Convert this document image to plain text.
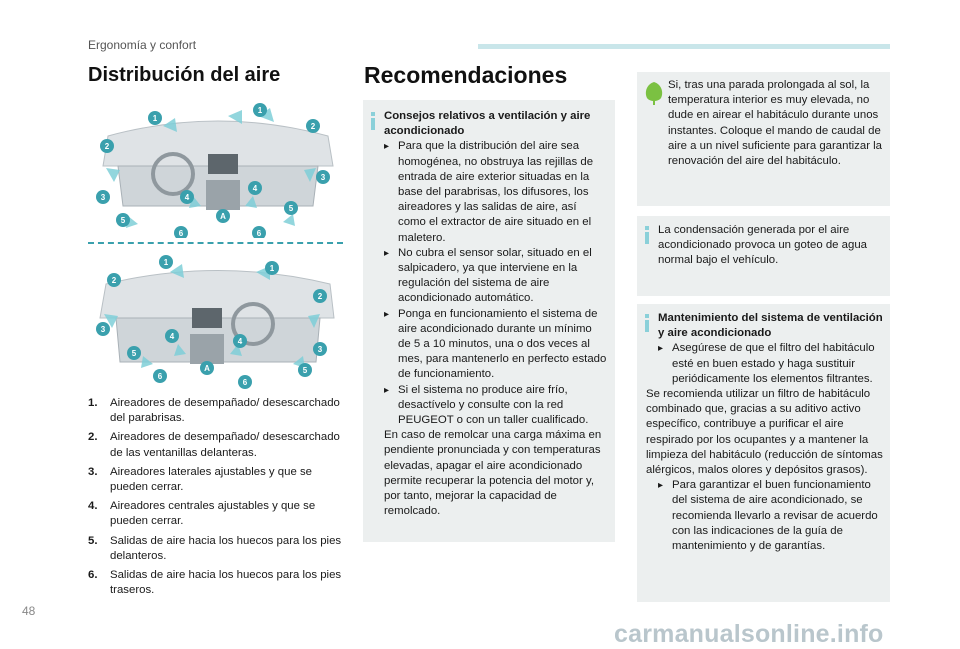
Ergonomía y confort
Distribución del aire
1
1
2
2
3
3
4
4
5
5
6	6
A
1
1
2
2
3
3
4
4
5
5
6
6
A
1.	Aireadores de desempañado/ desescarchado del parabrisas.
2.	Aireadores de desempañado/ desescarchado de las ventanillas delanteras.
3.	Aireadores laterales ajustables y que se pueden cerrar.
4.	Aireadores centrales ajustables y que se pueden cerrar.
5.	Salidas de aire hacia los huecos para los pies delanteros.
6.	Salidas de aire hacia los huecos para los pies traseros.
Recomendaciones
Consejos relativos a ventilación y aire acondicionado
▸ Para que la distribución del aire sea homogénea, no obstruya las rejillas de entrada de aire exterior situadas en la base del parabrisas, los difusores, los aireadores y las salidas de aire, así como el extractor de aire situado en el maletero.
▸ No cubra el sensor solar, situado en el salpicadero, ya que interviene en la regulación del sistema de aire acondicionado automático.
▸ Ponga en funcionamiento el sistema de aire acondicionado durante un mínimo de 5 a 10 minutos, una o dos veces al mes, para mantenerlo en perfecto estado de funcionamiento.
▸ Si el sistema no produce aire frío, desactívelo y consulte con la red PEUGEOT o con un taller cualificado.
En caso de remolcar una carga máxima en pendiente pronunciada y con temperaturas elevadas, apagar el aire acondicionado permite recuperar la potencia del motor y, por tanto, mejorar la capacidad de remolcado.
Si, tras una parada prolongada al sol, la temperatura interior es muy elevada, no dude en airear el habitáculo durante unos instantes. Coloque el mando de caudal de aire a un nivel suficiente para garantizar la renovación del aire del habitáculo.
La condensación generada por el aire acondicionado provoca un goteo de agua normal bajo el vehículo.
Mantenimiento del sistema de ventilación y aire acondicionado
▸ Asegúrese de que el filtro del habitáculo esté en buen estado y haga sustituir periódicamente los elementos filtrantes.
Se recomienda utilizar un filtro de habitáculo combinado que, gracias a su aditivo activo específico, contribuye a purificar el aire respirado por los ocupantes y a mantener la limpieza del habitáculo (reducción de síntomas alérgicos, malos olores y depósitos grasos).
▸ Para garantizar el buen funcionamiento del sistema de aire acondicionado, se recomienda llevarlo a revisar de acuerdo con las indicaciones de la guía de mantenimiento y de garantías.
48
carmanualsonline.info
